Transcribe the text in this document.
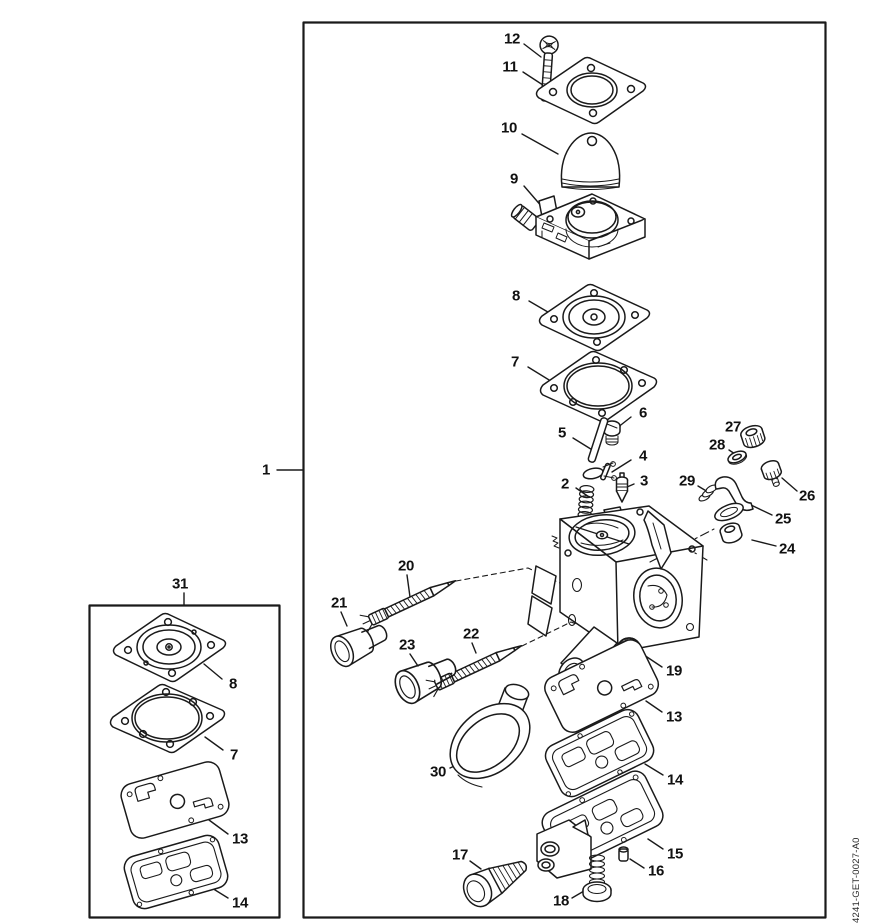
1
2	3
4
5
6
7
8
9
10
11
12
13
14
15
16
17
18
19
20
21
22
23
24
25
26
27
28
29
30
31
8
7
13
14	4241-GET-0027-A0
